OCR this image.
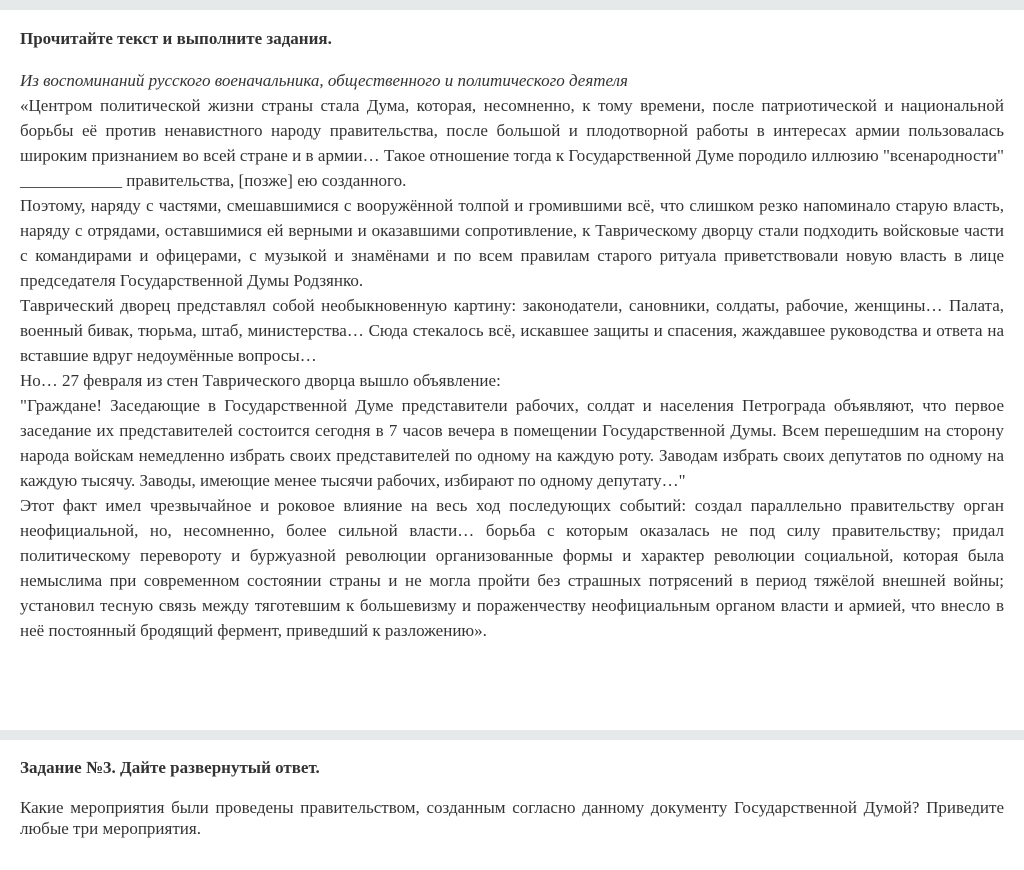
Прочитайте текст и выполните задания.

Из воспоминаний русского военачальника, общественного и политического деятеля

«Центром политической жизни страны стала Дума, которая, несомненно, к тому времени, после патриотической и национальной борьбы её против ненавистного народу правительства, после большой и плодотворной работы в интересах армии пользовалась широким признанием во всей стране и в армии… Такое отношение тогда к Государственной Думе породило иллюзию "всенародности" ____________ правительства, [позже] ею созданного.

Поэтому, наряду с частями, смешавшимися с вооружённой толпой и громившими всё, что слишком резко напоминало старую власть, наряду с отрядами, оставшимися ей верными и оказавшими сопротивление, к Таврическому дворцу стали подходить войсковые части с командирами и офицерами, с музыкой и знамёнами и по всем правилам старого ритуала приветствовали новую власть в лице председателя Государственной Думы Родзянко.

Таврический дворец представлял собой необыкновенную картину: законодатели, сановники, солдаты, рабочие, женщины… Палата, военный бивак, тюрьма, штаб, министерства… Сюда стекалось всё, искавшее защиты и спасения, жаждавшее руководства и ответа на вставшие вдруг недоумённые вопросы…

Но… 27 февраля из стен Таврического дворца вышло объявление:

"Граждане! Заседающие в Государственной Думе представители рабочих, солдат и населения Петрограда объявляют, что первое заседание их представителей состоится сегодня в 7 часов вечера в помещении Государственной Думы. Всем перешедшим на сторону народа войскам немедленно избрать своих представителей по одному на каждую роту. Заводам избрать своих депутатов по одному на каждую тысячу. Заводы, имеющие менее тысячи рабочих, избирают по одному депутату…"

Этот факт имел чрезвычайное и роковое влияние на весь ход последующих событий: создал параллельно правительству орган неофициальной, но, несомненно, более сильной власти… борьба с которым оказалась не под силу правительству; придал политическому перевороту и буржуазной революции организованные формы и характер революции социальной, которая была немыслима при современном состоянии страны и не могла пройти без страшных потрясений в период тяжёлой внешней войны; установил тесную связь между тяготевшим к большевизму и пораженчеству неофициальным органом власти и армией, что внесло в неё постоянный бродящий фермент, приведший к разложению».

Задание №3. Дайте развернутый ответ.

Какие мероприятия были проведены правительством, созданным согласно данному документу Государственной Думой? Приведите любые три мероприятия.
